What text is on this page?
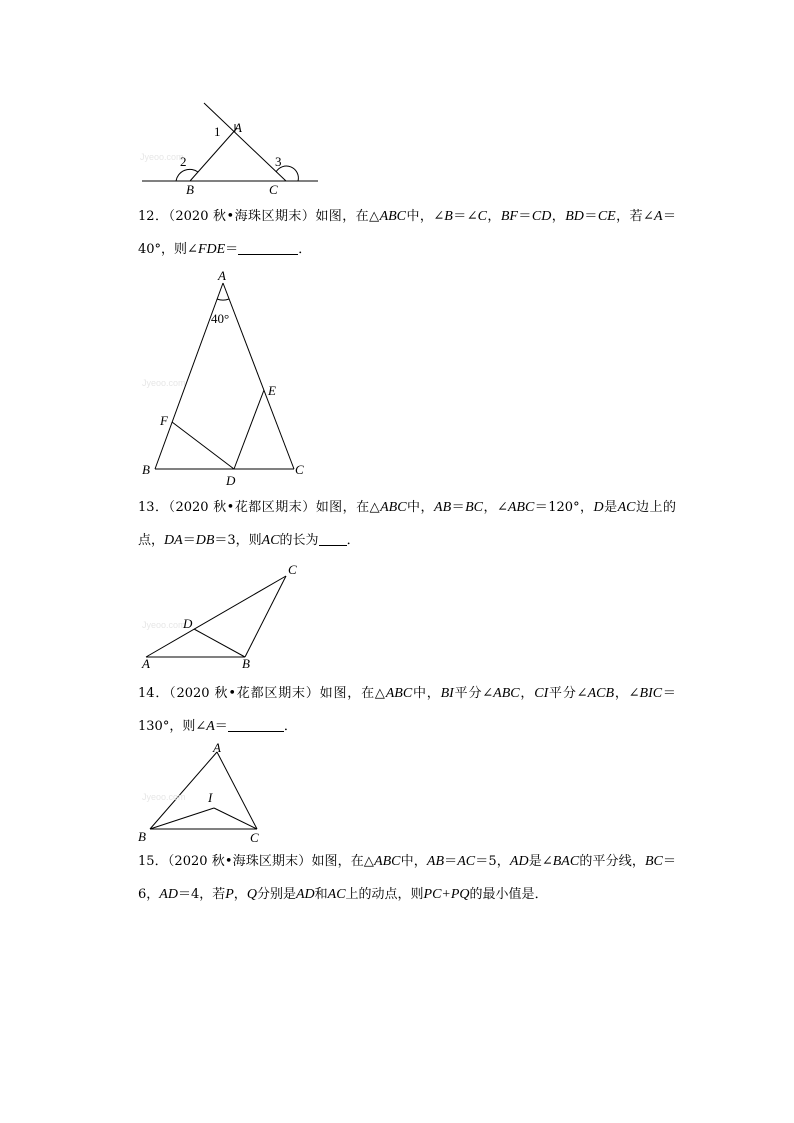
Jyeoo.com
A
1
2	3
B	C
12．（2020 秋•海珠区期末）如图，在△ABC中，∠B＝∠C，BF＝CD，BD＝CE，若∠A＝40°，则∠FDE＝	．
Jyeoo.com
A
40°
E
F
B
D
C
13．（2020 秋•花都区期末）如图，在△ABC中，AB＝BC，∠ABC＝120°，D是AC边上的点，DA＝DB＝3，则AC的长为 ．
Jyeoo.com
C
D
A	B
14．（2020 秋•花都区期末）如图，在△ABC中，BI平分∠ABC，CI平分∠ACB，∠BIC＝130°，则∠A＝	．
Jyeoo.com
A
I
B	C
15．（2020 秋•海珠区期末）如图，在△ABC中，AB＝AC＝5，AD是∠BAC的平分线，BC＝6，AD＝4，若P，Q分别是AD和AC上的动点，则PC+PQ的最小值是．
